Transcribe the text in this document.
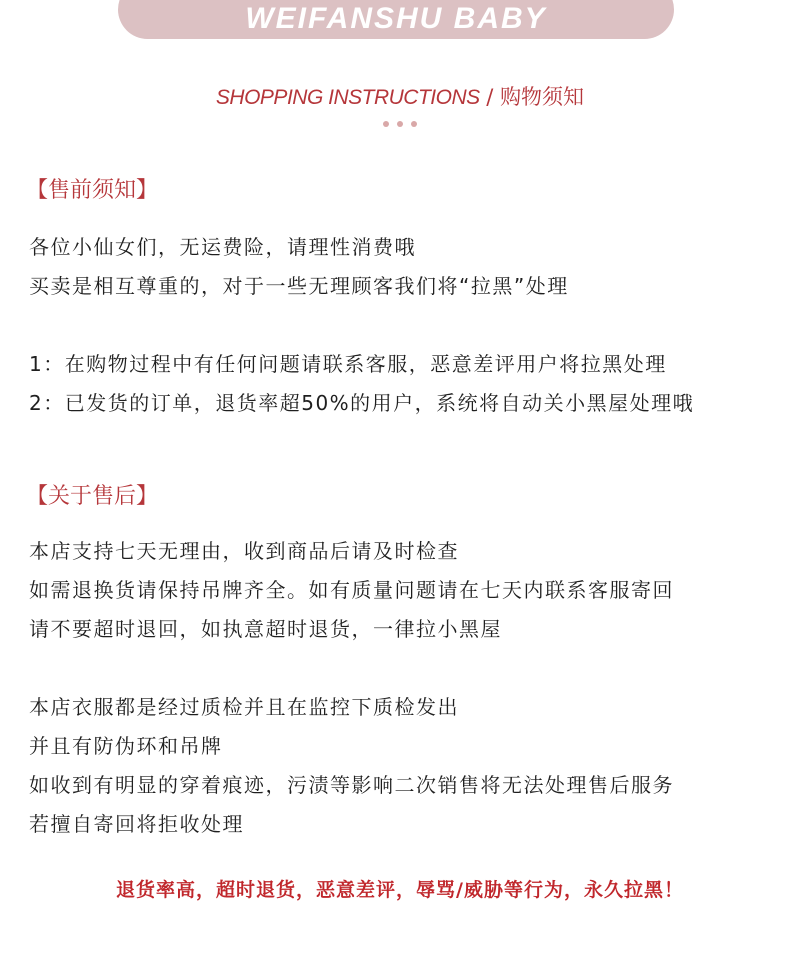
WEIFANSHU BABY
SHOPPING INSTRUCTIONS / 购物须知
【售前须知】
各位小仙女们，无运费险，请理性消费哦
买卖是相互尊重的，对于一些无理顾客我们将“拉黑”处理
1：在购物过程中有任何问题请联系客服，恶意差评用户将拉黑处理
2：已发货的订单，退货率超50%的用户，系统将自动关小黑屋处理哦
【关于售后】
本店支持七天无理由，收到商品后请及时检查
如需退换货请保持吊牌齐全。如有质量问题请在七天内联系客服寄回
请不要超时退回，如执意超时退货，一律拉小黑屋
本店衣服都是经过质检并且在监控下质检发出
并且有防伪环和吊牌
如收到有明显的穿着痕迹，污渍等影响二次销售将无法处理售后服务
若擅自寄回将拒收处理
退货率高，超时退货，恶意差评，辱骂/威胁等行为，永久拉黑！
